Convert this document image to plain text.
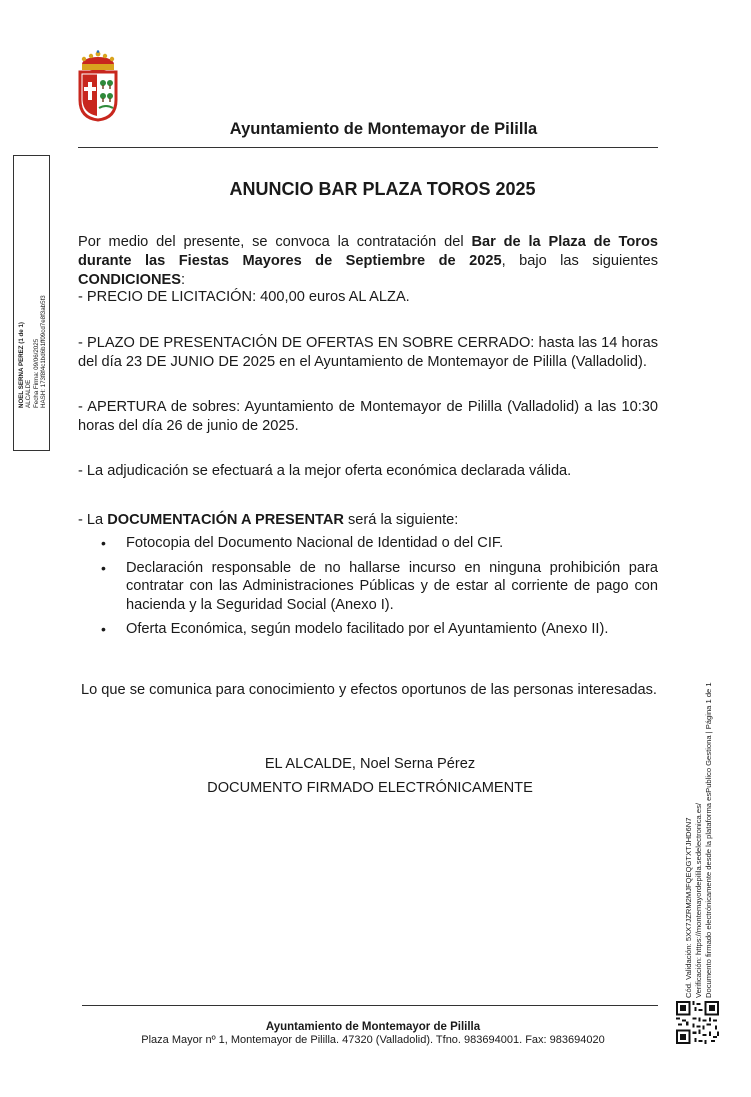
Ayuntamiento de Montemayor de Pililla
NOEL SERNA PEREZ (1 de 1) ALCALDE Fecha Firma: 09/06/2025 HASH: 173f8f4c1bd6b1ff09cd7e8f3ab5f3
ANUNCIO BAR PLAZA TOROS 2025
Por medio del presente, se convoca la contratación del Bar de la Plaza de Toros durante las Fiestas Mayores de Septiembre de 2025, bajo las siguientes CONDICIONES:
- PRECIO DE LICITACIÓN: 400,00 euros AL ALZA.
- PLAZO DE PRESENTACIÓN DE OFERTAS EN SOBRE CERRADO: hasta las 14 horas del día 23 DE JUNIO DE 2025 en el Ayuntamiento de Montemayor de Pililla (Valladolid).
- APERTURA de sobres: Ayuntamiento de Montemayor de Pililla (Valladolid) a las 10:30 horas del día 26 de junio de 2025.
- La adjudicación se efectuará a la mejor oferta económica declarada válida.
- La DOCUMENTACIÓN A PRESENTAR será la siguiente:
• Fotocopia del Documento Nacional de Identidad o del CIF.
• Declaración responsable de no hallarse incurso en ninguna prohibición para contratar con las Administraciones Públicas y de estar al corriente de pago con hacienda y la Seguridad Social (Anexo I).
• Oferta Económica, según modelo facilitado por el Ayuntamiento (Anexo II).
Lo que se comunica para conocimiento y efectos oportunos de las personas interesadas.
EL ALCALDE, Noel Serna Pérez
DOCUMENTO FIRMADO ELECTRÓNICAMENTE
Cód. Validación: 5XX7JZRM2MJFQEQGTXTJHD6N7 Verificación: https://montemayordepilila.sedelectronica.es/ Documento firmado electrónicamente desde la plataforma esPublico Gestiona | Página 1 de 1
Ayuntamiento de Montemayor de Pililla
Plaza Mayor nº 1, Montemayor de Pililla. 47320 (Valladolid). Tfno. 983694001. Fax: 983694020
